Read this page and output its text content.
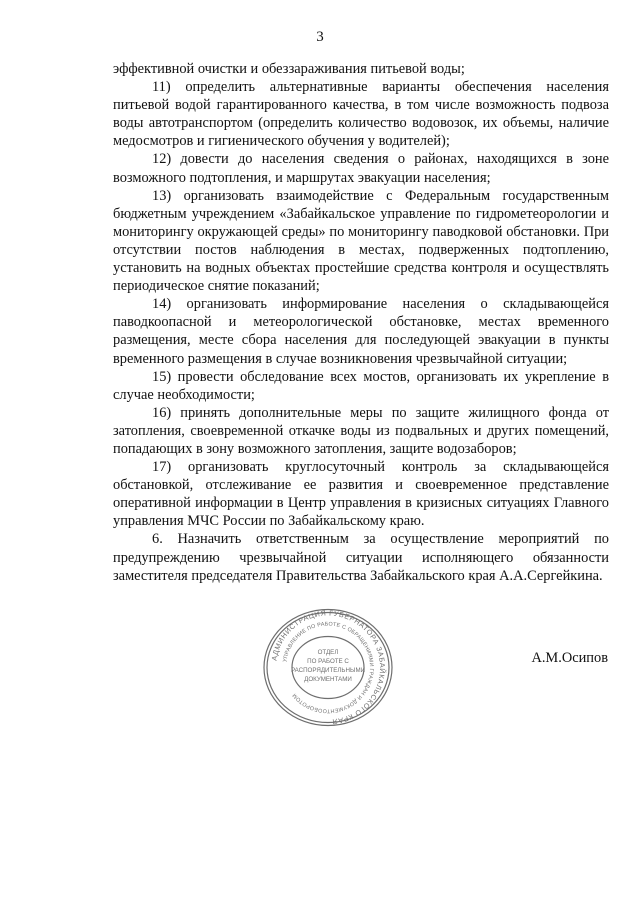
3

эффективной очистки и обеззараживания питьевой воды;

11) определить альтернативные варианты обеспечения населения питьевой водой гарантированного качества, в том числе возможность подвоза воды автотранспортом (определить количество водовозок, их объемы, наличие медосмотров и гигиенического обучения у водителей);

12) довести до населения сведения о районах, находящихся в зоне возможного подтопления, и маршрутах эвакуации населения;

13) организовать взаимодействие с Федеральным государственным бюджетным учреждением «Забайкальское управление по гидрометеорологии и мониторингу окружающей среды» по мониторингу паводковой обстановки. При отсутствии постов наблюдения в местах, подверженных подтоплению, установить на водных объектах простейшие средства контроля и осуществлять периодическое снятие показаний;

14) организовать информирование населения о складывающейся паводкоопасной и метеорологической обстановке, местах временного размещения, месте сбора населения для последующей эвакуации в пункты временного размещения в случае возникновения чрезвычайной ситуации;

15) провести обследование всех мостов, организовать их укрепление в случае необходимости;

16) принять дополнительные меры по защите жилищного фонда от затопления, своевременной откачке воды из подвальных и других помещений, попадающих в зону возможного затопления, защите водозаборов;

17) организовать круглосуточный контроль за складывающейся обстановкой, отслеживание ее развития и своевременное представление оперативной информации в Центр управления в кризисных ситуациях Главного управления МЧС России по Забайкальскому краю.

6. Назначить ответственным за осуществление мероприятий по предупреждению чрезвычайной ситуации исполняющего обязанности заместителя председателя Правительства Забайкальского края А.А.Сергейкина.

АДМИНИСТРАЦИЯ ГУБЕРНАТОРА ЗАБАЙКАЛЬСКОГО КРАЯ
УПРАВЛЕНИЕ ПО РАБОТЕ С ОБРАЩЕНИЯМИ ГРАЖДАН И ДОКУМЕНТООБОРОТОМ
ОТДЕЛ
ПО РАБОТЕ С
РАСПОРЯДИТЕЛЬНЫМИ
ДОКУМЕНТАМИ
А.М.Осипов
